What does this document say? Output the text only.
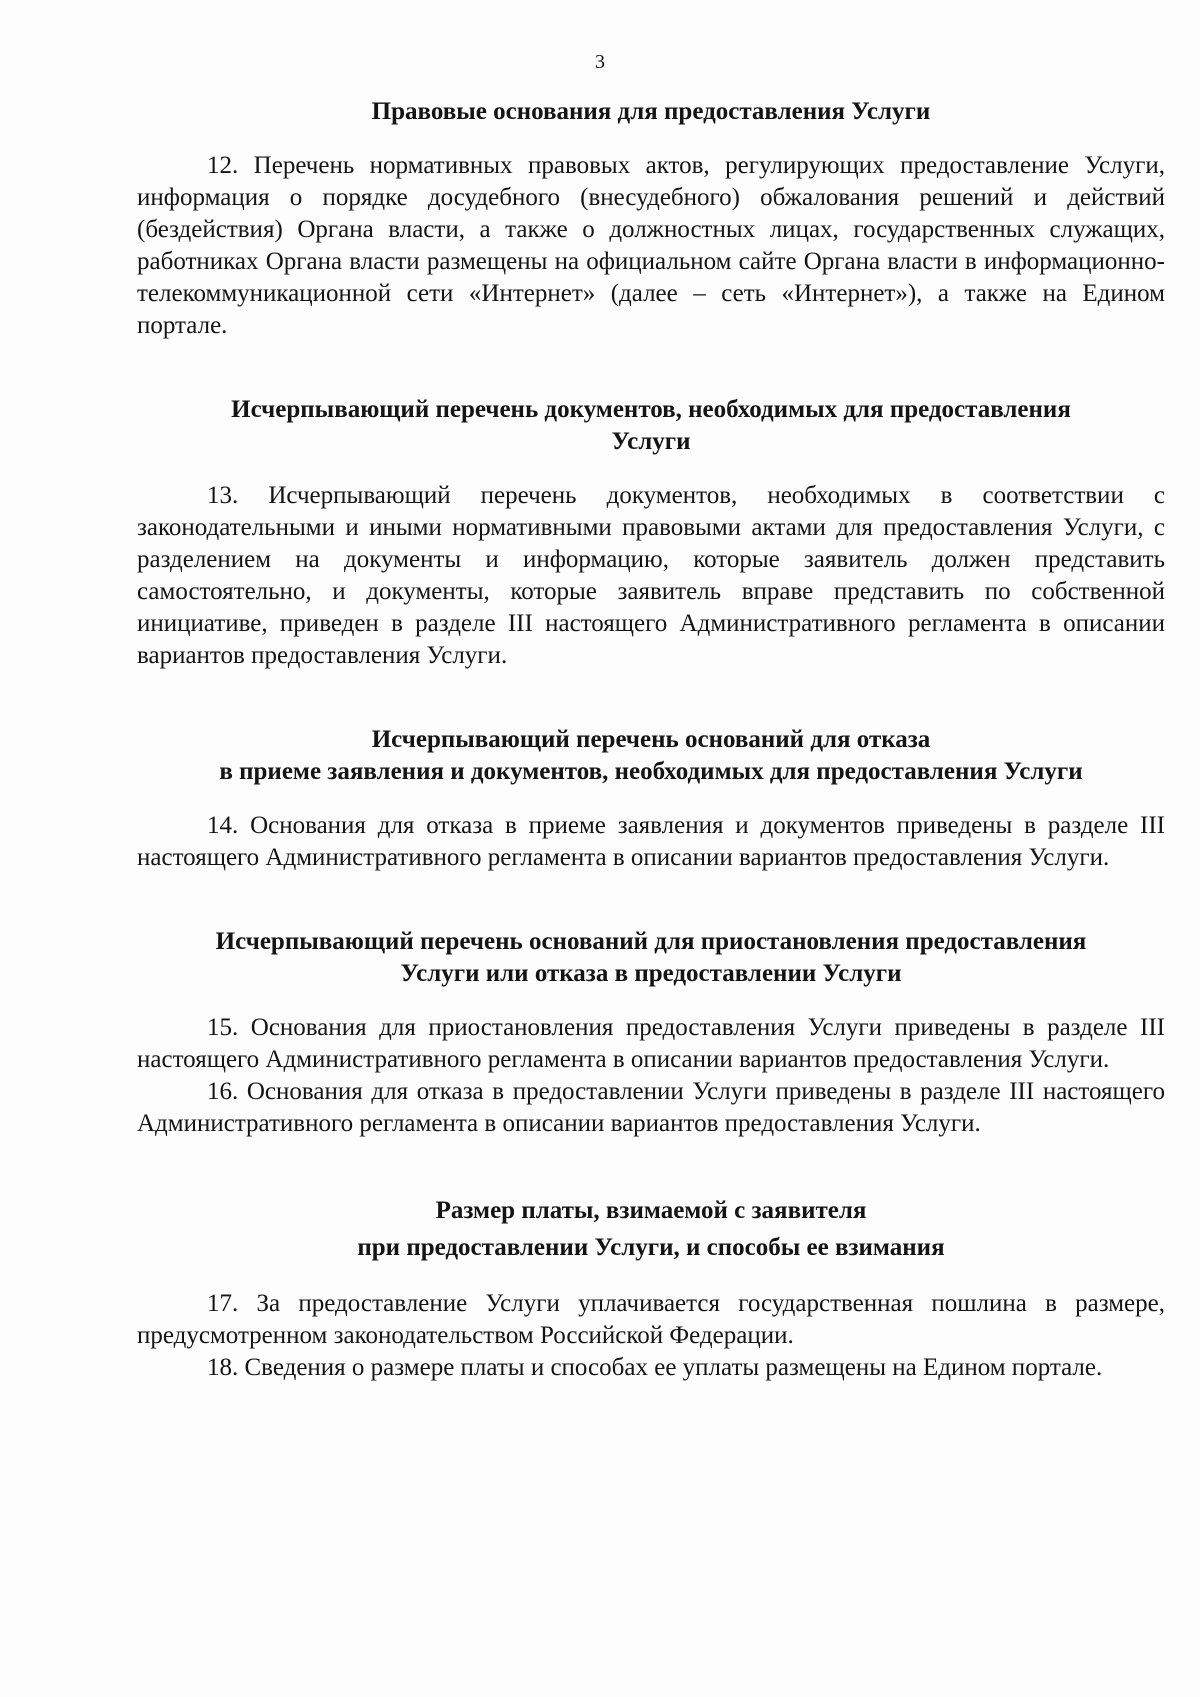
3
Правовые основания для предоставления Услуги

12. Перечень нормативных правовых актов, регулирующих предоставление Услуги, информация о порядке досудебного (внесудебного) обжалования решений и действий (бездействия) Органа власти, а также о должностных лицах, государственных служащих, работниках Органа власти размещены на официальном сайте Органа власти в информационно-телекоммуникационной сети «Интернет» (далее – сеть «Интернет»), а также на Едином портале.

Исчерпывающий перечень документов, необходимых для предоставления
Услуги

13. Исчерпывающий перечень документов, необходимых в соответствии с законодательными и иными нормативными правовыми актами для предоставления Услуги, с разделением на документы и информацию, которые заявитель должен представить самостоятельно, и документы, которые заявитель вправе представить по собственной инициативе, приведен в разделе III настоящего Административного регламента в описании вариантов предоставления Услуги.

Исчерпывающий перечень оснований для отказа
в приеме заявления и документов, необходимых для предоставления Услуги

14. Основания для отказа в приеме заявления и документов приведены в разделе III настоящего Административного регламента в описании вариантов предоставления Услуги.

Исчерпывающий перечень оснований для приостановления предоставления
Услуги или отказа в предоставлении Услуги

15. Основания для приостановления предоставления Услуги приведены в разделе III настоящего Административного регламента в описании вариантов предоставления Услуги.

16. Основания для отказа в предоставлении Услуги приведены в разделе III настоящего Административного регламента в описании вариантов предоставления Услуги.

Размер платы, взимаемой с заявителя
при предоставлении Услуги, и способы ее взимания

17. За предоставление Услуги уплачивается государственная пошлина в размере, предусмотренном законодательством Российской Федерации.

18. Сведения о размере платы и способах ее уплаты размещены на Едином портале.
